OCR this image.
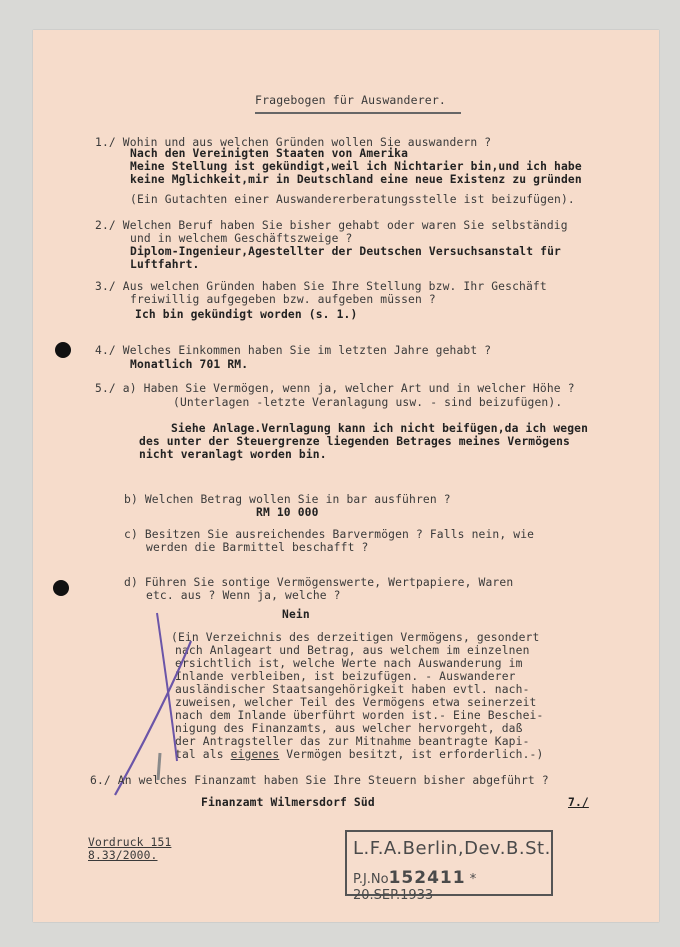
Fragebogen für Auswanderer.
1./ Wohin und aus welchen Gründen wollen Sie auswandern ?
Nach den Vereinigten Staaten von Amerika
Meine Stellung ist gekündigt,weil ich Nichtarier bin,und ich habe
keine Mglichkeit,mir in Deutschland eine neue Existenz zu gründen
(Ein Gutachten einer Auswandererberatungsstelle ist beizufügen).
2./ Welchen Beruf haben Sie bisher gehabt oder waren Sie selbständig
und in welchem Geschäftszweige ?
Diplom-Ingenieur,Agestellter der Deutschen Versuchsanstalt für
Luftfahrt.
3./ Aus welchen Gründen haben Sie Ihre Stellung bzw. Ihr Geschäft
freiwillig aufgegeben bzw. aufgeben müssen ?
Ich bin gekündigt worden (s. 1.)
4./ Welches Einkommen haben Sie im letzten Jahre gehabt ?
Monatlich 701 RM.
5./ a) Haben Sie Vermögen, wenn ja, welcher Art und in welcher Höhe ?
(Unterlagen -letzte Veranlagung usw. - sind beizufügen).
Siehe Anlage.Vernlagung kann ich nicht beifügen,da ich wegen
des unter der Steuergrenze liegenden Betrages meines Vermögens
nicht veranlagt worden bin.
b) Welchen Betrag wollen Sie in bar ausführen ?
RM 10 000
c) Besitzen Sie ausreichendes Barvermögen ? Falls nein, wie
werden die Barmittel beschafft ?
d) Führen Sie sontige Vermögenswerte, Wertpapiere, Waren
etc. aus ? Wenn ja, welche ?
Nein
(Ein Verzeichnis des derzeitigen Vermögens, gesondert
nach Anlageart und Betrag, aus welchem im einzelnen
ersichtlich ist, welche Werte nach Auswanderung im
Inlande verbleiben, ist beizufügen. - Auswanderer
ausländischer Staatsangehörigkeit haben evtl. nach-
zuweisen, welcher Teil des Vermögens etwa seinerzeit
nach dem Inlande überführt worden ist.- Eine Beschei-
nigung des Finanzamts, aus welcher hervorgeht, daß
der Antragsteller das zur Mitnahme beantragte Kapi-
tal als eigenes Vermögen besitzt, ist erforderlich.-)
6./ An welches Finanzamt haben Sie Ihre Steuern bisher abgeführt ?
Finanzamt Wilmersdorf Süd	7./
Vordruck 151
8.33/2000.	L.F.A.Berlin,Dev.B.St.
P.J.No152411 * 20.SEP.1933
